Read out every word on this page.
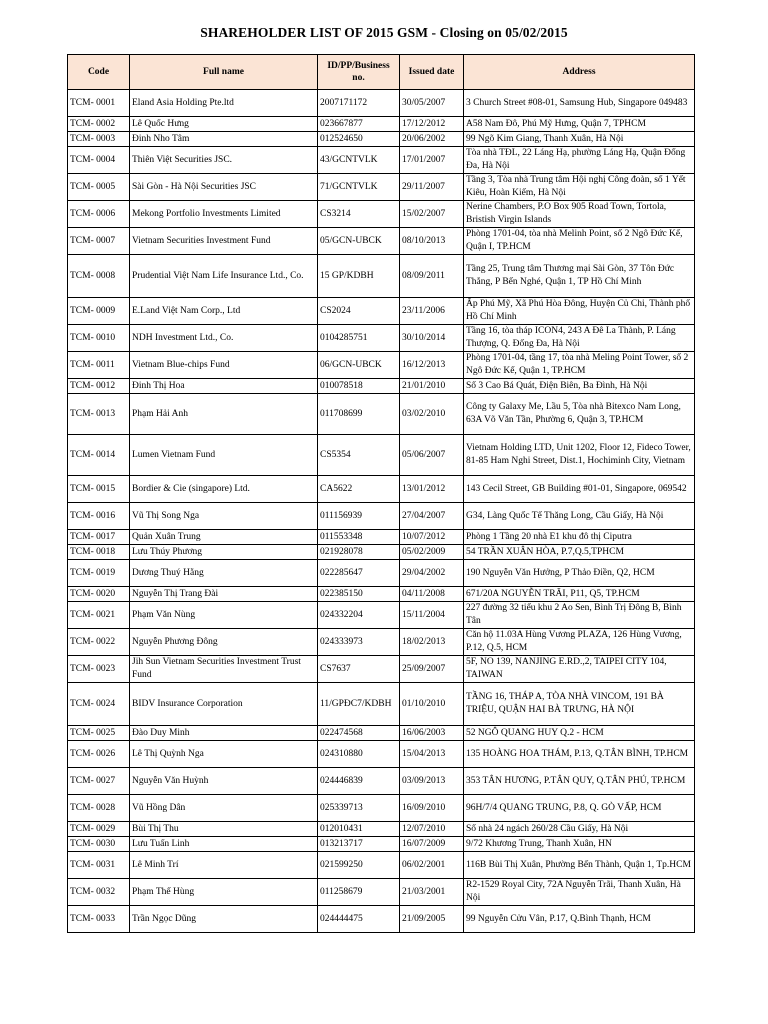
SHAREHOLDER LIST OF 2015 GSM - Closing on 05/02/2015
Code	Full name	ID/PP/Business no.	Issued date	Address
TCM- 0001	Eland Asia Holding Pte.ltd	2007171172	30/05/2007	3 Church Street #08-01, Samsung Hub, Singapore 049483
TCM- 0002	Lê Quốc Hưng	023667877	17/12/2012	A58 Nam Đô, Phú Mỹ Hưng, Quận 7, TPHCM
TCM- 0003	Đinh Nho Tâm	012524650	20/06/2002	99 Ngõ Kim Giang, Thanh Xuân, Hà Nội
TCM- 0004	Thiên Việt Securities JSC.	43/GCNTVLK	17/01/2007	Tòa nhà TĐL, 22 Láng Hạ, phường Láng Hạ, Quận Đống Đa, Hà Nội
TCM- 0005	Sài Gòn - Hà Nội Securities JSC	71/GCNTVLK	29/11/2007	Tầng 3, Tòa nhà Trung tâm Hội nghị Công đoàn, số 1 Yết Kiêu, Hoàn Kiếm, Hà Nội
TCM- 0006	Mekong Portfolio Investments Limited	CS3214	15/02/2007	Nerine Chambers, P.O Box 905 Road Town, Tortola, Bristish Virgin Islands
TCM- 0007	Vietnam Securities Investment Fund	05/GCN-UBCK	08/10/2013	Phòng 1701-04, tòa nhà Melinh Point, số 2 Ngô Đức Kế, Quận I, TP.HCM
TCM- 0008	Prudential Việt Nam Life Insurance Ltd., Co.	15 GP/KDBH	08/09/2011	Tầng 25, Trung tâm Thương mại Sài Gòn, 37 Tôn Đức Thắng, P Bến Nghé, Quận 1, TP Hồ Chí Minh
TCM- 0009	E.Land Việt Nam Corp., Ltd	CS2024	23/11/2006	Ấp Phú Mỹ, Xã Phú Hòa Đông, Huyện Củ Chi, Thành phố Hồ Chí Minh
TCM- 0010	NDH Investment Ltd., Co.	0104285751	30/10/2014	Tầng 16, tòa tháp ICON4, 243 A Đê La Thành, P. Láng Thượng, Q. Đống Đa, Hà Nội
TCM- 0011	Vietnam Blue-chips Fund	06/GCN-UBCK	16/12/2013	Phòng 1701-04, tầng 17, tòa nhà Meling Point Tower, số 2 Ngô Đức Kế, Quận 1, TP.HCM
TCM- 0012	Đinh Thị Hoa	010078518	21/01/2010	Số 3 Cao Bá Quát, Điện Biên, Ba Đình, Hà Nội
TCM- 0013	Phạm Hải Anh	011708699	03/02/2010	Công ty Galaxy Me, Lầu 5, Tòa nhà Bitexco Nam Long, 63A Võ Văn Tần, Phường 6, Quận 3, TP.HCM
TCM- 0014	Lumen Vietnam Fund	CS5354	05/06/2007	Vietnam Holding LTD, Unit 1202, Floor 12, Fideco Tower, 81-85 Ham Nghi Street, Dist.1, Hochiminh City, Vietnam
TCM- 0015	Bordier & Cie (singapore) Ltd.	CA5622	13/01/2012	143 Cecil Street, GB Building #01-01, Singapore, 069542
TCM- 0016	Vũ Thị Song Nga	011156939	27/04/2007	G34, Làng Quốc Tế Thăng Long, Cầu Giấy, Hà Nội
TCM- 0017	Quản Xuân Trung	011553348	10/07/2012	Phòng 1 Tầng 20 nhà E1 khu đô thị Ciputra
TCM- 0018	Lưu Thúy Phương	021928078	05/02/2009	54 TRẦN XUÂN HÒA, P.7,Q.5,TPHCM
TCM- 0019	Dương Thuý Hằng	022285647	29/04/2002	190 Nguyễn Văn Hưởng, P Thảo Điền, Q2, HCM
TCM- 0020	Nguyễn Thị Trang Đài	022385150	04/11/2008	671/20A NGUYỄN TRÃI, P11, Q5, TP.HCM
TCM- 0021	Phạm Văn Nùng	024332204	15/11/2004	227 đường 32 tiểu khu 2 Ao Sen, Bình Trị Đông B, Bình Tân
TCM- 0022	Nguyễn Phương Đông	024333973	18/02/2013	Căn hộ 11.03A Hùng Vương PLAZA, 126 Hùng Vương, P.12, Q.5, HCM
TCM- 0023	Jih Sun Vietnam Securities Investment Trust Fund	CS7637	25/09/2007	5F, NO 139, NANJING E.RD.,2, TAIPEI CITY 104, TAIWAN
TCM- 0024	BIDV Insurance Corporation	11/GPĐC7/KDBH	01/10/2010	TẦNG 16, THÁP A, TÒA NHÀ VINCOM, 191 BÀ TRIỆU, QUẬN HAI BÀ TRƯNG, HÀ NỘI
TCM- 0025	Đào Duy Minh	022474568	16/06/2003	52 NGÔ QUANG HUY Q.2 - HCM
TCM- 0026	Lê Thị Quỳnh Nga	024310880	15/04/2013	135 HOÀNG HOA THÁM, P.13, Q.TÂN BÌNH, TP.HCM
TCM- 0027	Nguyễn Văn Huỳnh	024446839	03/09/2013	353 TÂN HƯƠNG, P.TÂN QUY, Q.TÂN PHÚ, TP.HCM
TCM- 0028	Vũ Hồng Dân	025339713	16/09/2010	96H/7/4 QUANG TRUNG, P.8, Q. GÒ VẤP, HCM
TCM- 0029	Bùi Thị Thu	012010431	12/07/2010	Số nhà 24 ngách 260/28 Cầu Giấy, Hà Nội
TCM- 0030	Lưu Tuấn Linh	013213717	16/07/2009	9/72 Khương Trung, Thanh Xuân, HN
TCM- 0031	Lê Minh Trí	021599250	06/02/2001	116B Bùi Thị Xuân, Phường Bến Thành, Quận 1, Tp.HCM
TCM- 0032	Phạm Thế Hùng	011258679	21/03/2001	R2-1529 Royal City, 72A Nguyễn Trãi, Thanh Xuân, Hà Nội
TCM- 0033	Trần Ngọc Dũng	024444475	21/09/2005	99 Nguyễn Cửu Vân, P.17, Q.Bình Thạnh, HCM
